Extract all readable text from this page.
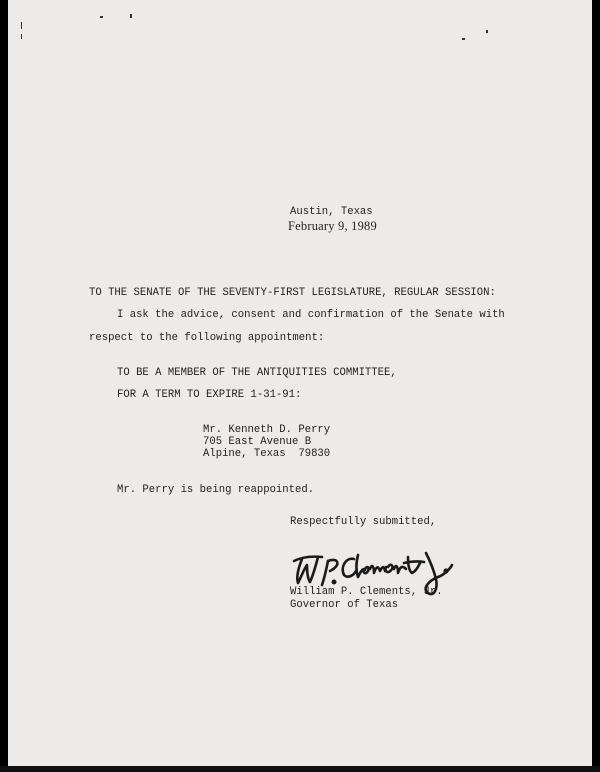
Austin, Texas
February 9, 1989
TO THE SENATE OF THE SEVENTY-FIRST LEGISLATURE, REGULAR SESSION:
I ask the advice, consent and confirmation of the Senate with
respect to the following appointment:
TO BE A MEMBER OF THE ANTIQUITIES COMMITTEE,
FOR A TERM TO EXPIRE 1-31-91:
Mr. Kenneth D. Perry
705 East Avenue B
Alpine, Texas  79830
Mr. Perry is being reappointed.
Respectfully submitted,
William P. Clements, Jr.
Governor of Texas
